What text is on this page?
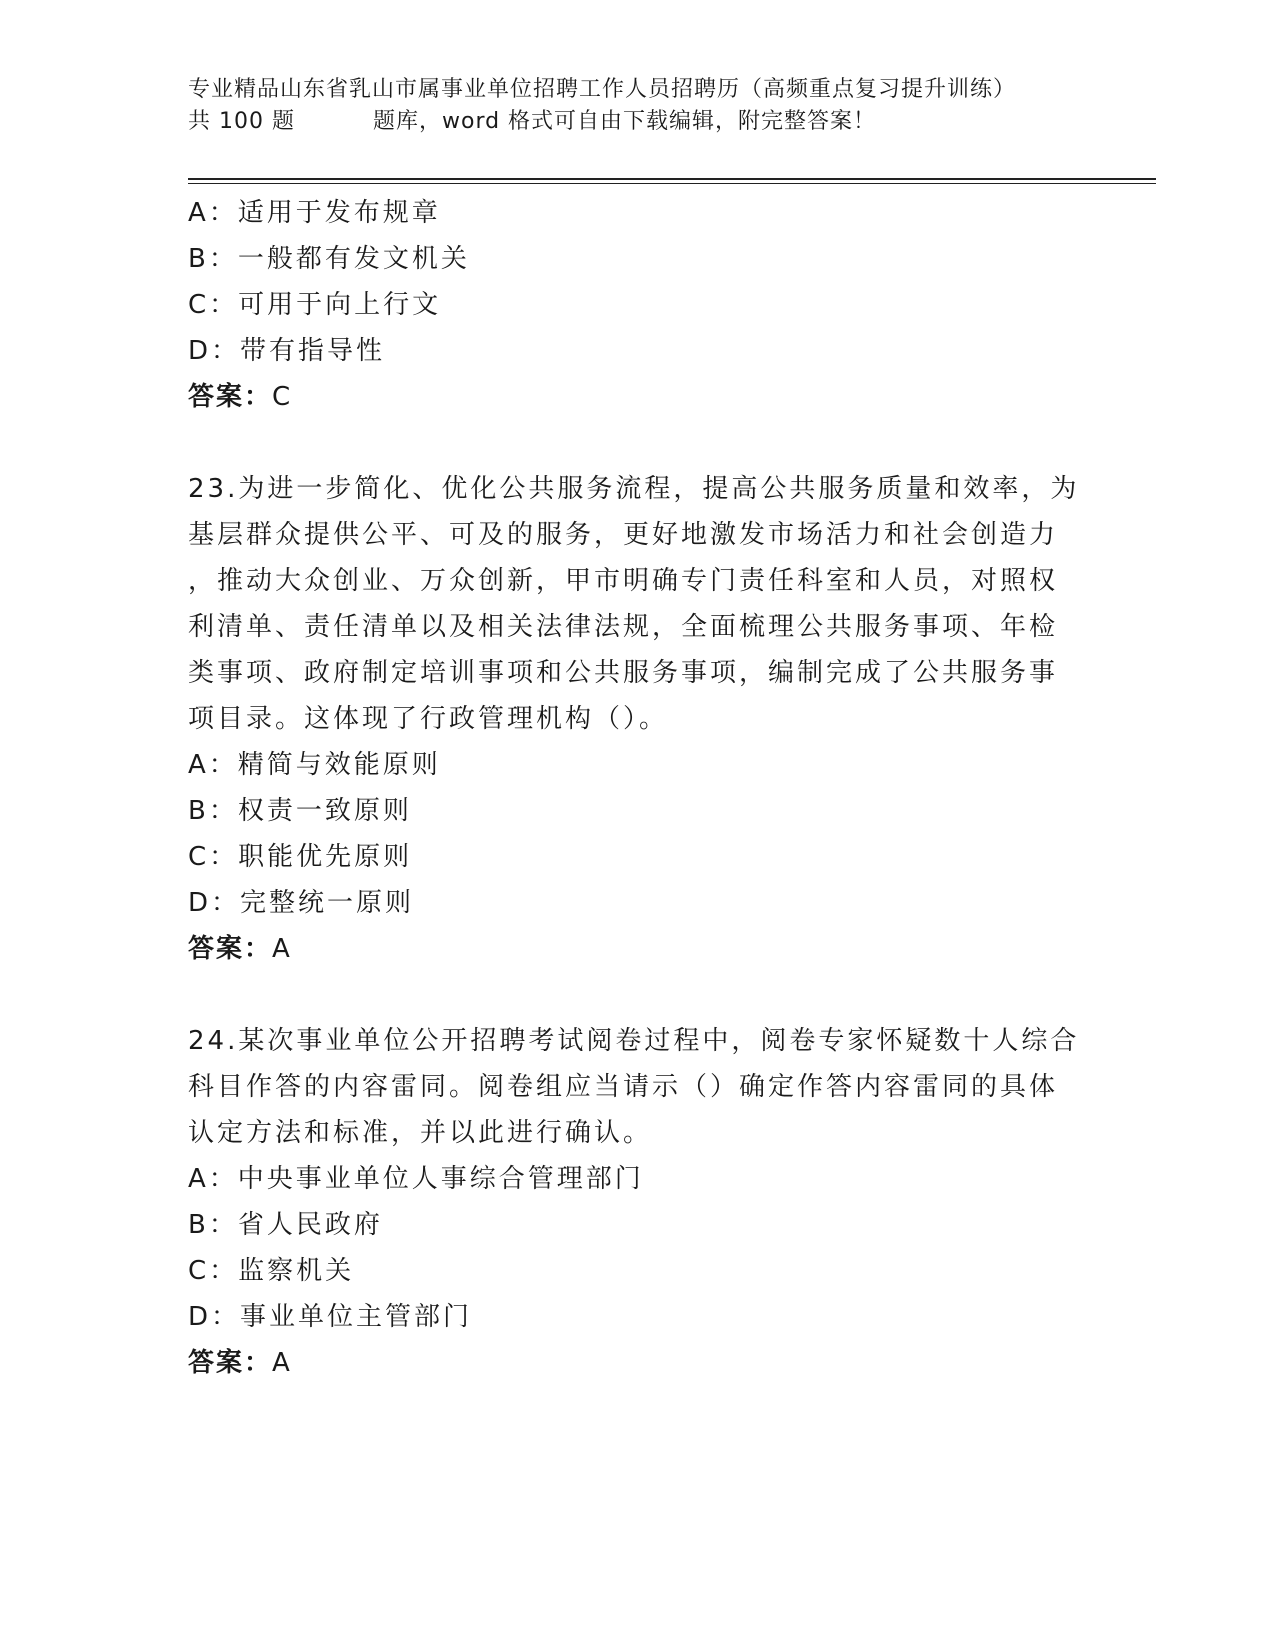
专业精品山东省乳山市属事业单位招聘工作人员招聘历（高频重点复习提升训练）
共 100 题	题库，word 格式可自由下载编辑，附完整答案！
A：适用于发布规章
B：一般都有发文机关
C：可用于向上行文
D：带有指导性
答案：C

23.为进一步简化、优化公共服务流程，提高公共服务质量和效率，为
基层群众提供公平、可及的服务，更好地激发市场活力和社会创造力
，推动大众创业、万众创新，甲市明确专门责任科室和人员，对照权
利清单、责任清单以及相关法律法规，全面梳理公共服务事项、年检
类事项、政府制定培训事项和公共服务事项，编制完成了公共服务事
项目录。这体现了行政管理机构（）。

A：精简与效能原则
B：权责一致原则
C：职能优先原则
D：完整统一原则
答案：A

24.某次事业单位公开招聘考试阅卷过程中，阅卷专家怀疑数十人综合
科目作答的内容雷同。阅卷组应当请示（）确定作答内容雷同的具体
认定方法和标准，并以此进行确认。

A：中央事业单位人事综合管理部门
B：省人民政府
C：监察机关
D：事业单位主管部门
答案：A
